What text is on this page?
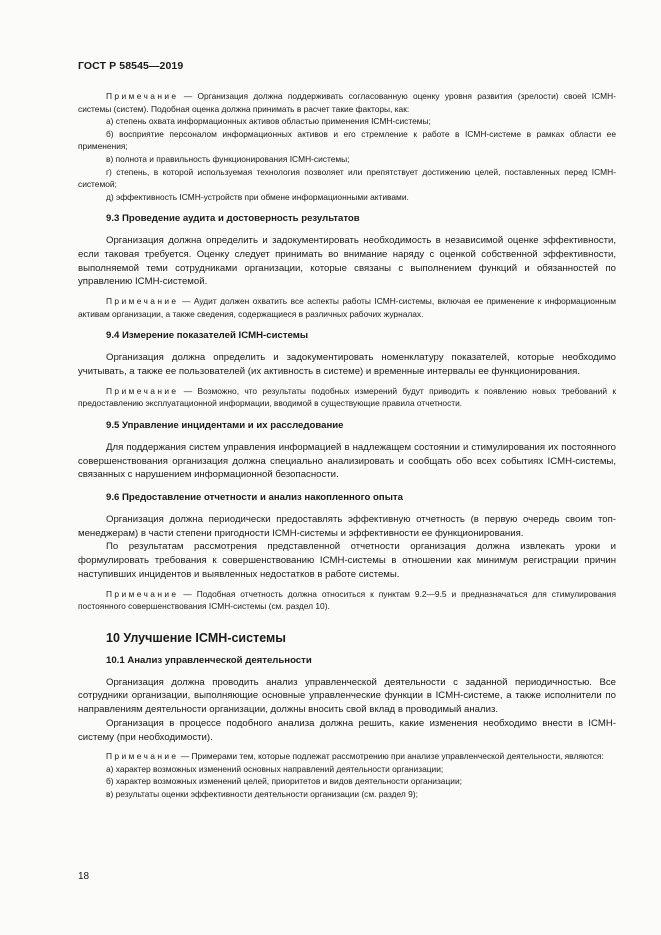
ГОСТ Р 58545—2019

Примечание — Организация должна поддерживать согласованную оценку уровня развития (зрелости) своей ICMH-системы (систем). Подобная оценка должна принимать в расчет такие факторы, как:

а) степень охвата информационных активов областью применения ICMH-системы;

б) восприятие персоналом информационных активов и его стремление к работе в ICMH-системе в рамках области ее применения;

в) полнота и правильность функционирования ICMH-системы;

г) степень, в которой используемая технология позволяет или препятствует достижению целей, поставленных перед ICMH-системой;

д) эффективность ICMH-устройств при обмене информационными активами.

9.3 Проведение аудита и достоверность результатов

Организация должна определить и задокументировать необходимость в независимой оценке эффективности, если таковая требуется. Оценку следует принимать во внимание наряду с оценкой собственной эффективности, выполняемой теми сотрудниками организации, которые связаны с выполнением функций и обязанностей по управлению ICMH-системой.

Примечание — Аудит должен охватить все аспекты работы ICMH-системы, включая ее применение к информационным активам организации, а также сведения, содержащиеся в различных рабочих журналах.

9.4 Измерение показателей ICMH-системы

Организация должна определить и задокументировать номенклатуру показателей, которые необходимо учитывать, а также ее пользователей (их активность в системе) и временные интервалы ее функционирования.

Примечание — Возможно, что результаты подобных измерений будут приводить к появлению новых требований к предоставлению эксплуатационной информации, вводимой в существующие правила отчетности.

9.5 Управление инцидентами и их расследование

Для поддержания систем управления информацией в надлежащем состоянии и стимулирования их постоянного совершенствования организация должна специально анализировать и сообщать обо всех событиях ICMH-системы, связанных с нарушением информационной безопасности.

9.6 Предоставление отчетности и анализ накопленного опыта

Организация должна периодически предоставлять эффективную отчетность (в первую очередь своим топ-менеджерам) в части степени пригодности ICMH-системы и эффективности ее функционирования.

По результатам рассмотрения представленной отчетности организация должна извлекать уроки и формулировать требования к совершенствованию ICMH-системы в отношении как минимум регистрации причин наступивших инцидентов и выявленных недостатков в работе системы.

Примечание — Подобная отчетность должна относиться к пунктам 9.2—9.5 и предназначаться для стимулирования постоянного совершенствования ICMH-системы (см. раздел 10).

10 Улучшение ICMH-системы

10.1 Анализ управленческой деятельности

Организация должна проводить анализ управленческой деятельности с заданной периодичностью. Все сотрудники организации, выполняющие основные управленческие функции в ICMH-системе, а также исполнители по направлениям деятельности организации, должны вносить свой вклад в проводимый анализ.

Организация в процессе подобного анализа должна решить, какие изменения необходимо внести в ICMH-систему (при необходимости).

Примечание — Примерами тем, которые подлежат рассмотрению при анализе управленческой деятельности, являются:

а) характер возможных изменений основных направлений деятельности организации;

б) характер возможных изменений целей, приоритетов и видов деятельности организации;

в) результаты оценки эффективности деятельности организации (см. раздел 9);

18
